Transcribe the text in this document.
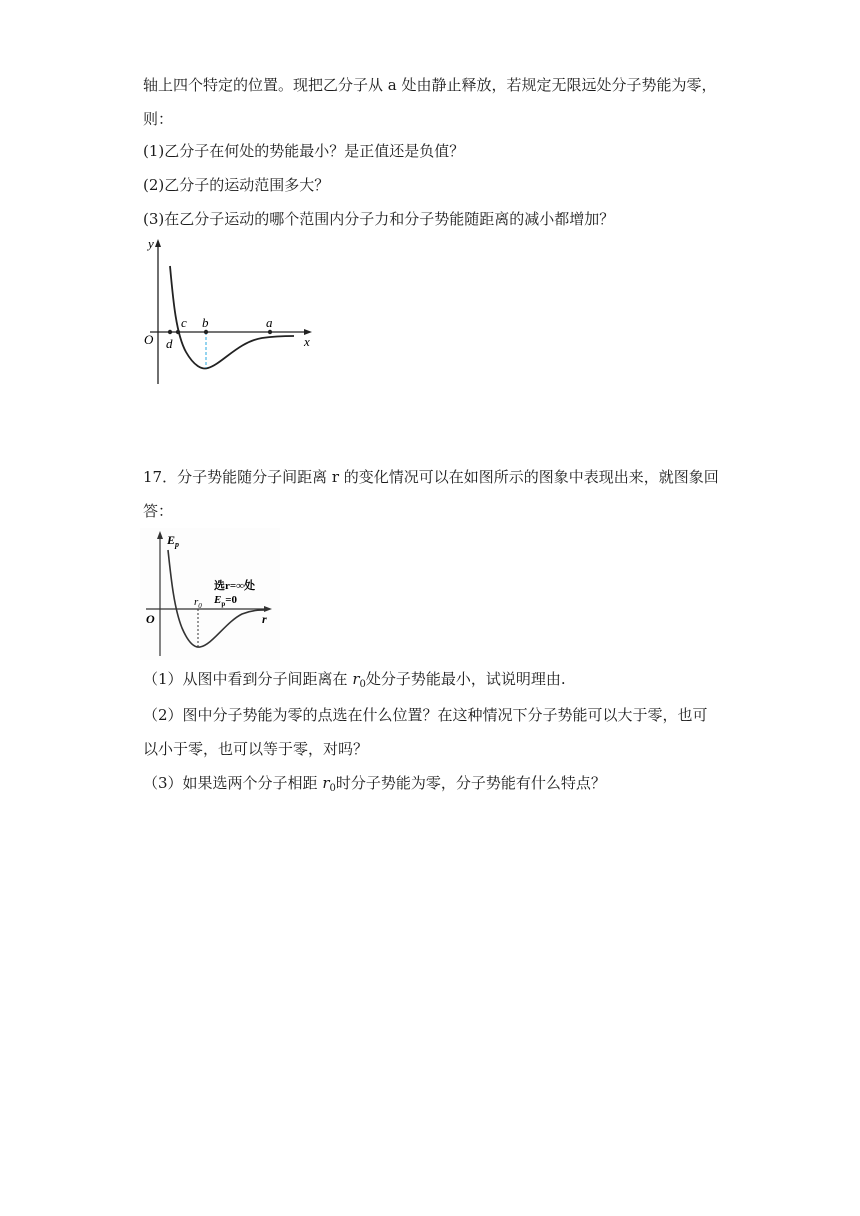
轴上四个特定的位置。现把乙分子从 a 处由静止释放，若规定无限远处分子势能为零，
则：
(1)乙分子在何处的势能最小？是正值还是负值？
(2)乙分子的运动范围多大？
(3)在乙分子运动的哪个范围内分子力和分子势能随距离的减小都增加？
y
x
O d
c b	a
17．分子势能随分子间距离 r 的变化情况可以在如图所示的图象中表现出来，就图象回
答：
$E_p$
r
O
$r_0$
选r=∞处
$E_p=0$
（1）从图中看到分子间距离在 $r_0$处分子势能最小，试说明理由.
（2）图中分子势能为零的点选在什么位置？在这种情况下分子势能可以大于零，也可
以小于零，也可以等于零，对吗？
（3）如果选两个分子相距 $r_0$时分子势能为零，分子势能有什么特点？
